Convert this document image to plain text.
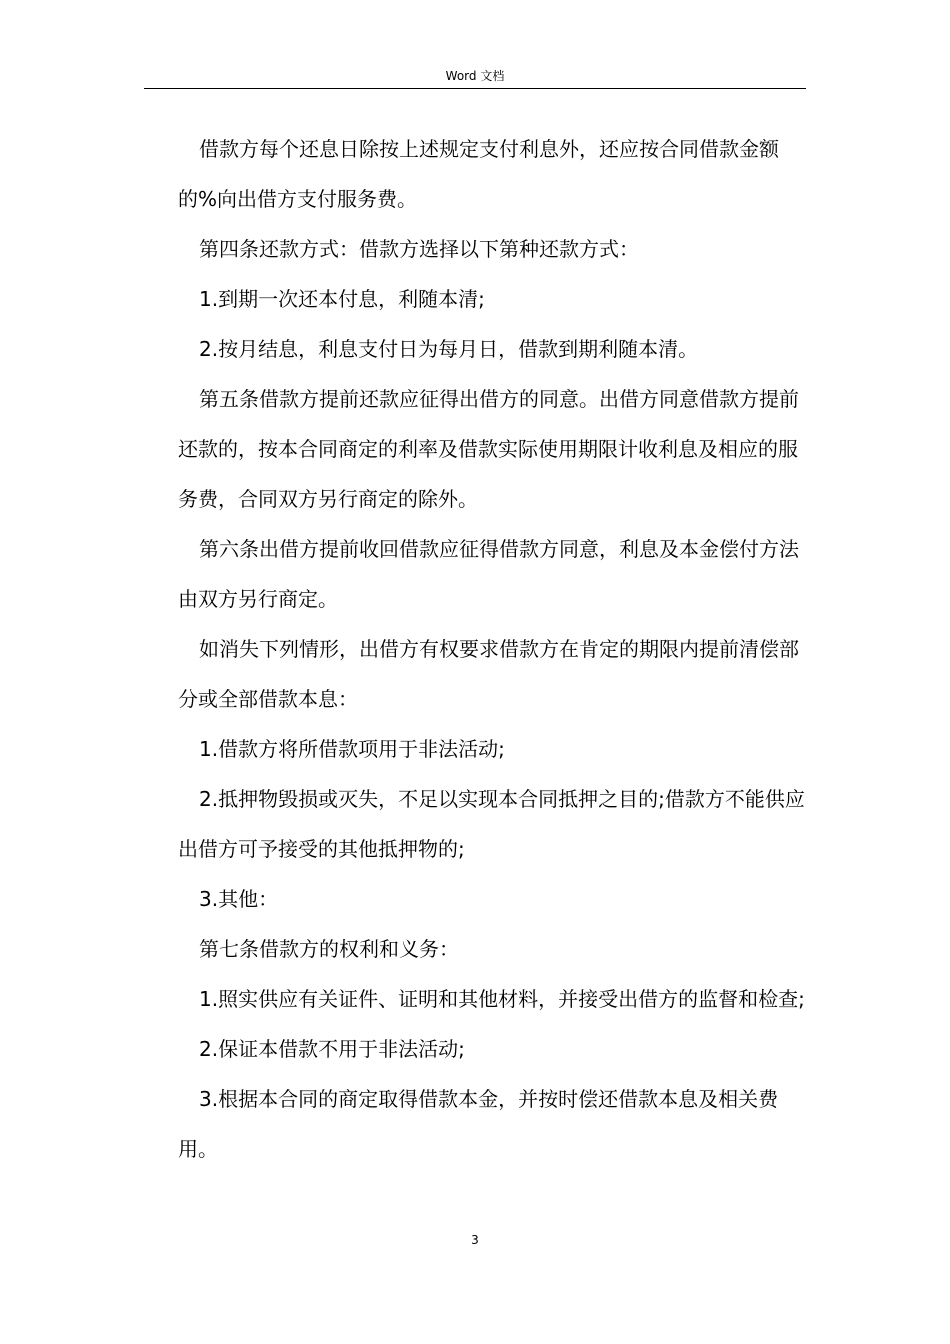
Word 文档

借款方每个还息日除按上述规定支付利息外，还应按合同借款金额的%向出借方支付服务费。

第四条还款方式：借款方选择以下第种还款方式：

1.到期一次还本付息，利随本清;

2.按月结息，利息支付日为每月日，借款到期利随本清。

第五条借款方提前还款应征得出借方的同意。出借方同意借款方提前还款的，按本合同商定的利率及借款实际使用期限计收利息及相应的服务费，合同双方另行商定的除外。

第六条出借方提前收回借款应征得借款方同意，利息及本金偿付方法由双方另行商定。

如消失下列情形，出借方有权要求借款方在肯定的期限内提前清偿部分或全部借款本息：

1.借款方将所借款项用于非法活动;

2.抵押物毁损或灭失，不足以实现本合同抵押之目的;借款方不能供应出借方可予接受的其他抵押物的;

3.其他：

第七条借款方的权利和义务：

1.照实供应有关证件、证明和其他材料，并接受出借方的监督和检查;

2.保证本借款不用于非法活动;

3.根据本合同的商定取得借款本金，并按时偿还借款本息及相关费用。

3
